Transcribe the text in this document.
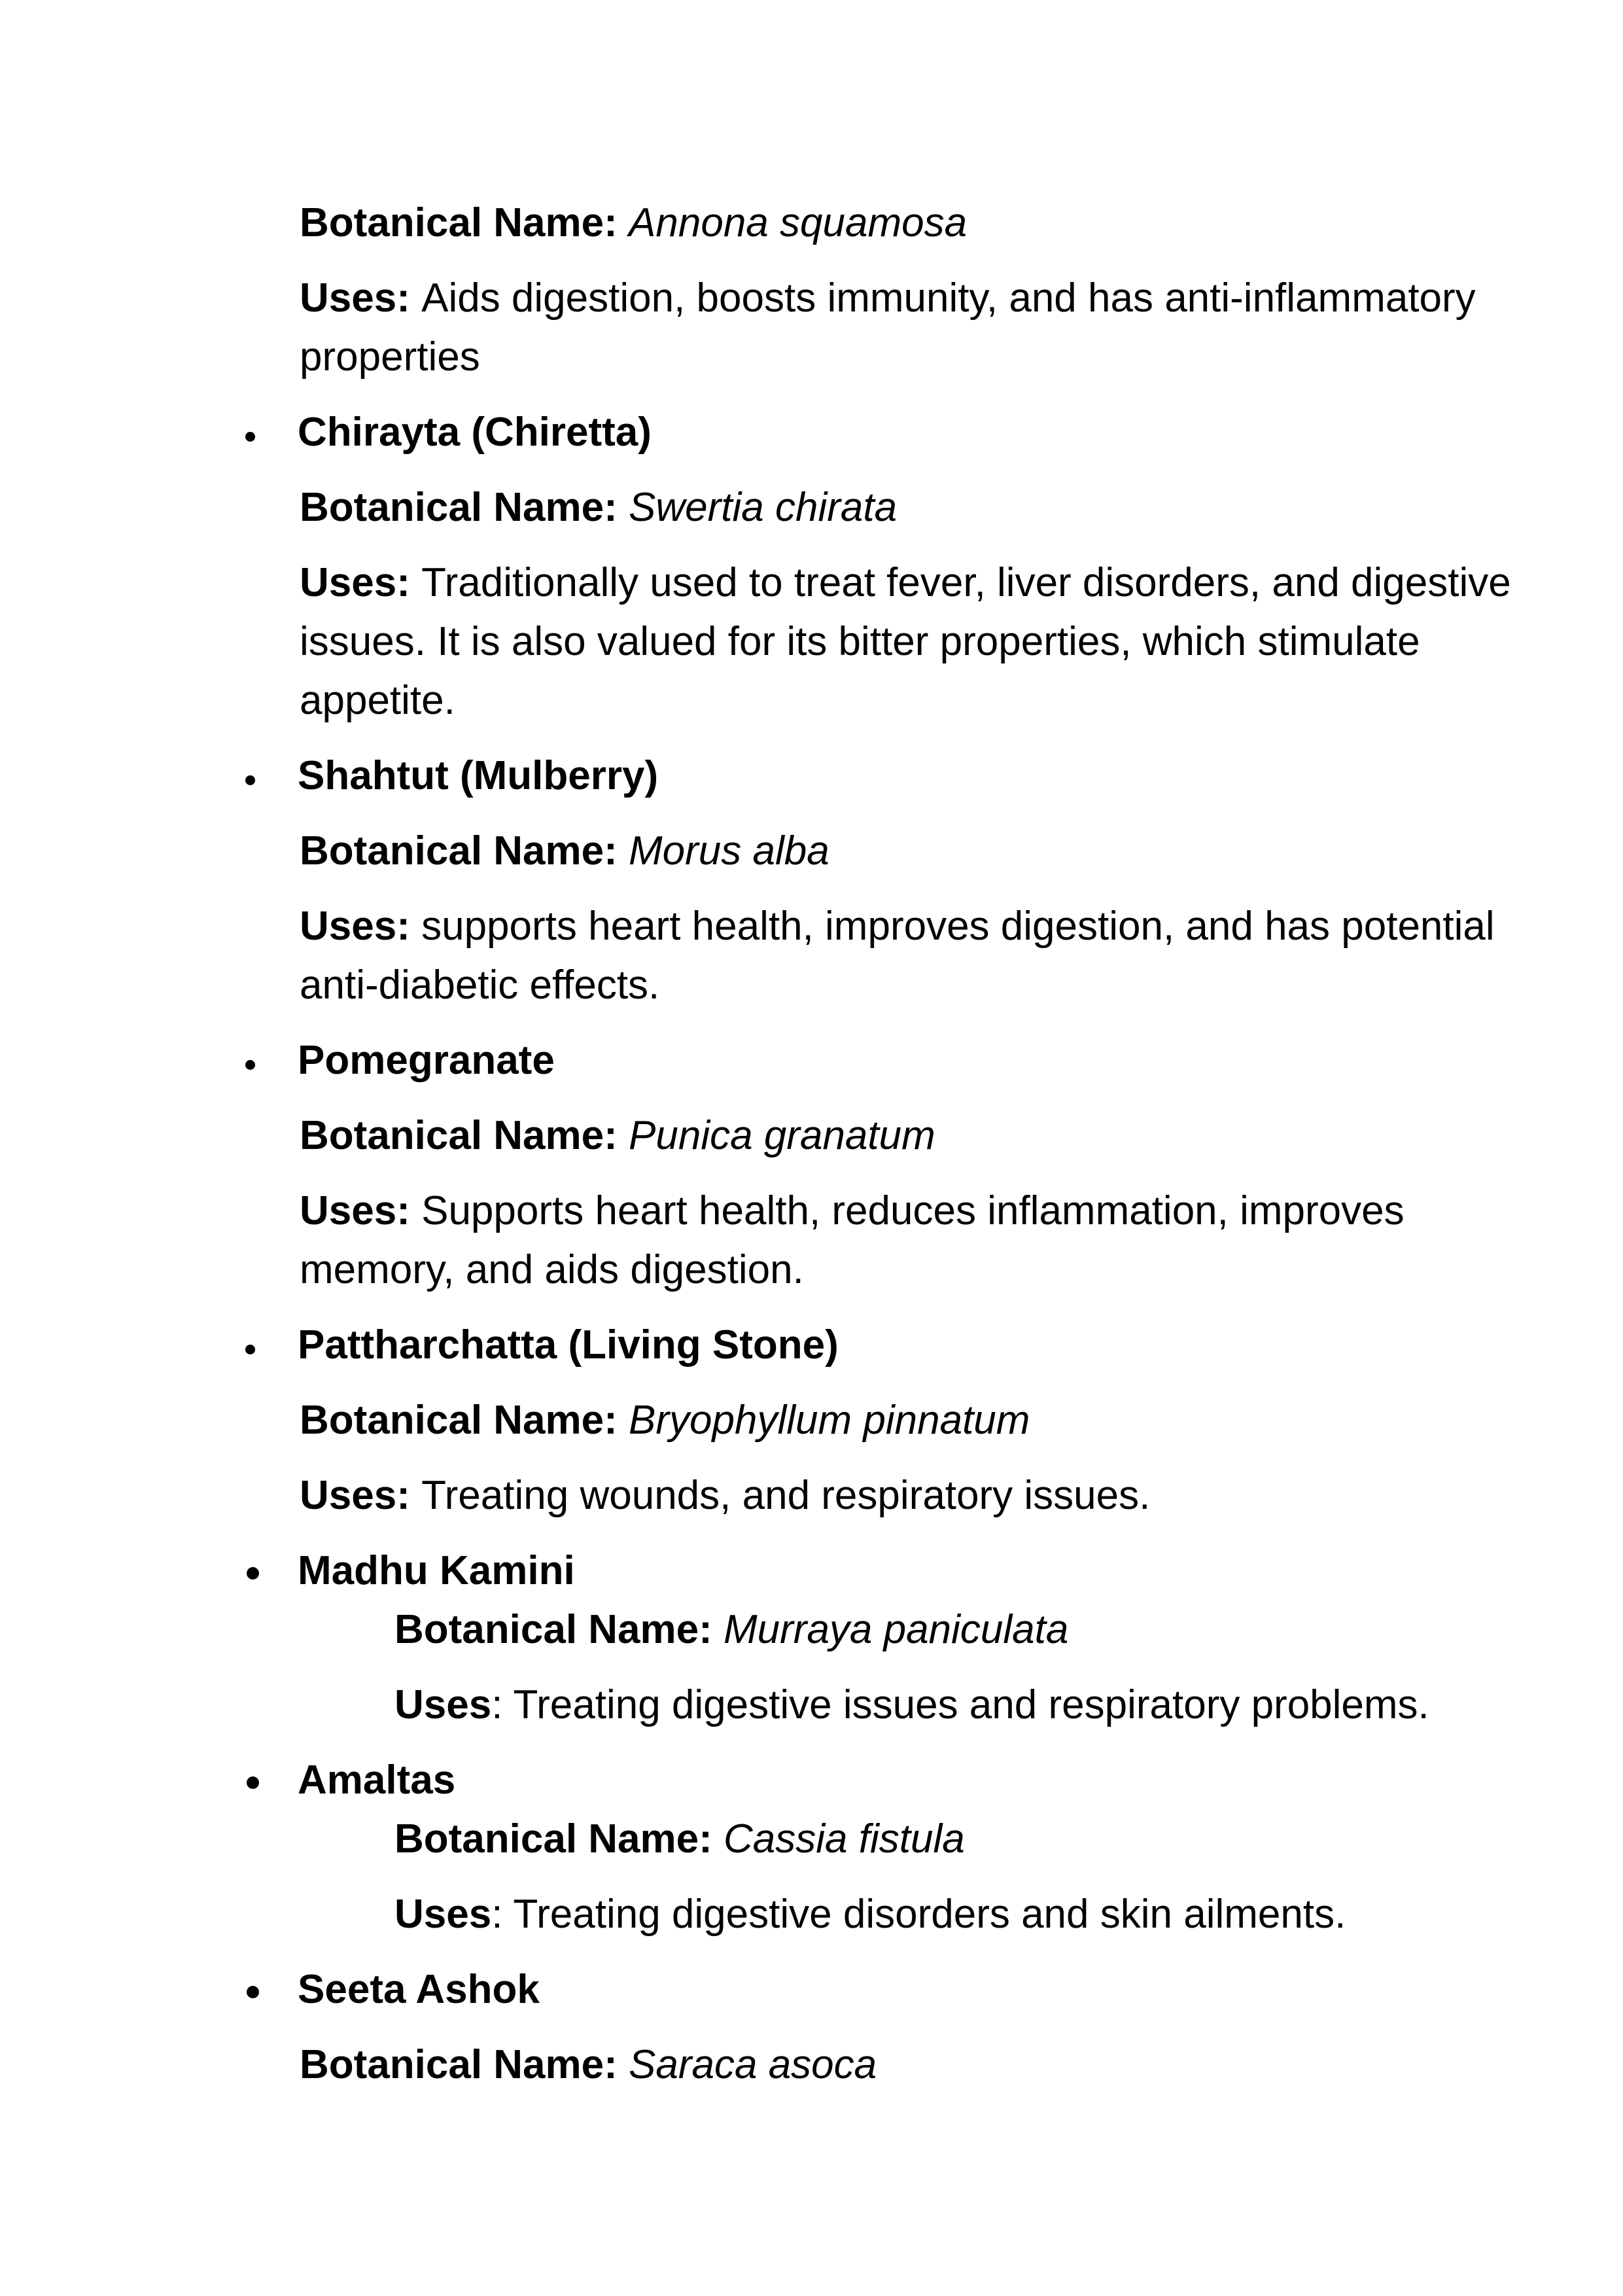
Botanical Name: Annona squamosa
Uses: Aids digestion, boosts immunity, and has anti-inflammatory
properties
Chirayta (Chiretta)
Botanical Name: Swertia chirata
Uses: Traditionally used to treat fever, liver disorders, and digestive
issues. It is also valued for its bitter properties, which stimulate
appetite.
Shahtut (Mulberry)
Botanical Name: Morus alba
Uses: supports heart health, improves digestion, and has potential
anti-diabetic effects.
Pomegranate
Botanical Name: Punica granatum
Uses: Supports heart health, reduces inflammation, improves
memory, and aids digestion.
Pattharchatta (Living Stone)
Botanical Name: Bryophyllum pinnatum
Uses: Treating wounds, and respiratory issues.
Madhu Kamini
Botanical Name: Murraya paniculata
Uses: Treating digestive issues and respiratory problems.
Amaltas
Botanical Name: Cassia fistula
Uses: Treating digestive disorders and skin ailments.
Seeta Ashok
Botanical Name: Saraca asoca
